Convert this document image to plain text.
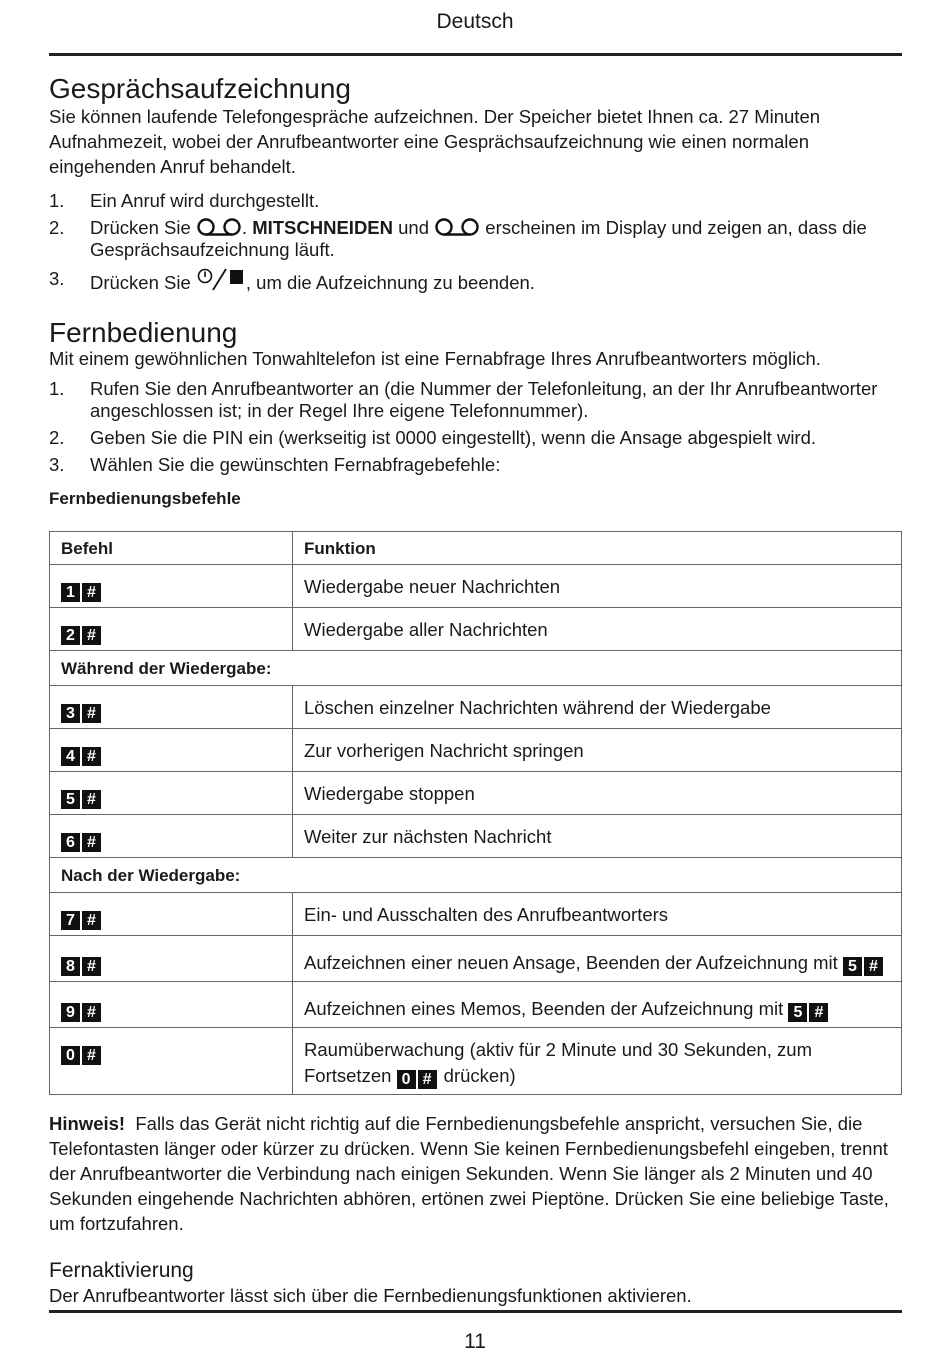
Deutsch
Gesprächsaufzeichnung

Sie können laufende Telefongespräche aufzeichnen. Der Speicher bietet Ihnen ca. 27 Minuten Aufnahmezeit, wobei der Anrufbeantworter eine Gesprächsaufzeichnung wie einen normalen eingehenden Anruf behandelt.

1. Ein Anruf wird durchgestellt.
2. Drücken Sie	. MITSCHNEIDEN und	erscheinen im Display und zeigen an, dass die Gesprächsaufzeichnung läuft.
3. Drücken Sie	, um die Aufzeichnung zu beenden.
Fernbedienung

Mit einem gewöhnlichen Tonwahltelefon ist eine Fernabfrage Ihres Anrufbeantworters möglich.

1. Rufen Sie den Anrufbeantworter an (die Nummer der Telefonleitung, an der Ihr Anrufbeantworter angeschlossen ist; in der Regel Ihre eigene Telefonnummer).
2. Geben Sie die PIN ein (werkseitig ist 0000 eingestellt), wenn die Ansage abgespielt wird.
3. Wählen Sie die gewünschten Fernabfragebefehle:

Fernbedienungsbefehle

Befehl	Funktion
1 #	Wiedergabe neuer Nachrichten
2 #	Wiedergabe aller Nachrichten
Während der Wiedergabe:	
3 #	Löschen einzelner Nachrichten während der Wiedergabe
4 #	Zur vorherigen Nachricht springen
5 #	Wiedergabe stoppen
6 #	Weiter zur nächsten Nachricht
Nach der Wiedergabe:	
7 #	Ein- und Ausschalten des Anrufbeantworters
8 #	Aufzeichnen einer neuen Ansage, Beenden der Aufzeichnung mit 5 #
9 #	Aufzeichnen eines Memos, Beenden der Aufzeichnung mit 5 #
0 #	Raumüberwachung (aktiv für 2 Minute und 30 Sekunden, zum Fortsetzen 0 # drücken)

Hinweis! Falls das Gerät nicht richtig auf die Fernbedienungsbefehle anspricht, versuchen Sie, die Telefontasten länger oder kürzer zu drücken. Wenn Sie keinen Fernbedienungsbefehl eingeben, trennt der Anrufbeantworter die Verbindung nach einigen Sekunden. Wenn Sie länger als 2 Minuten und 40 Sekunden eingehende Nachrichten abhören, ertönen zwei Pieptöne. Drücken Sie eine beliebige Taste, um fortzufahren.

Fernaktivierung

Der Anrufbeantworter lässt sich über die Fernbedienungsfunktionen aktivieren.

11
